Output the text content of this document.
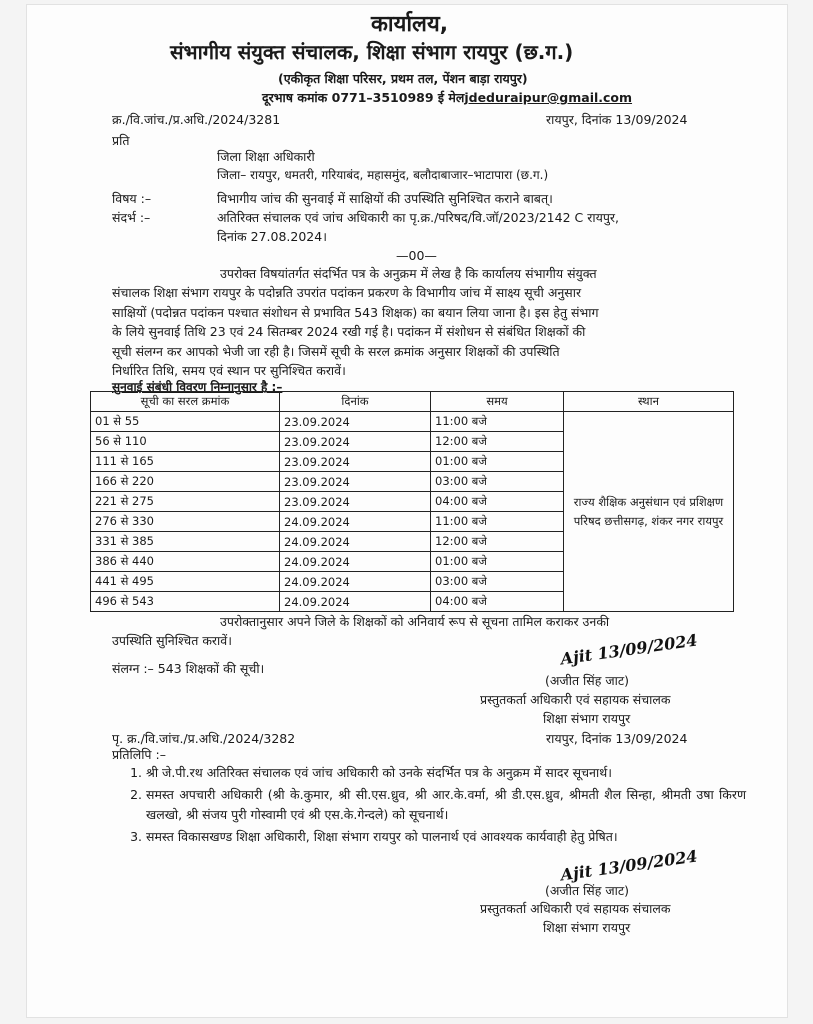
कार्यालय,
संभागीय संयुक्त संचालक, शिक्षा संभाग रायपुर (छ.ग.)
(एकीकृत शिक्षा परिसर, प्रथम तल, पेंशन बाड़ा रायपुर)
दूरभाष कमांक 0771–3510989 ई मेलjdeduraipur@gmail.com
क्र./वि.जांच./प्र.अधि./2024/3281	रायपुर, दिनांक 13/09/2024
प्रति
जिला शिक्षा अधिकारी
जिला– रायपुर, धमतरी, गरियाबंद, महासमुंद, बलौदाबाजार–भाटापारा (छ.ग.)
विषय :–	विभागीय जांच की सुनवाई में साक्षियों की उपस्थिति सुनिश्चित कराने बाबत्।
संदर्भ :–	अतिरिक्त संचालक एवं जांच अधिकारी का पृ.क्र./परिषद/वि.जॉ/2023/2142 C रायपुर,
दिनांक 27.08.2024।
—00—
उपरोक्त विषयांतर्गत संदर्भित पत्र के अनुक्रम में लेख है कि कार्यालय संभागीय संयुक्त
संचालक शिक्षा संभाग रायपुर के पदोन्नति उपरांत पदांकन प्रकरण के विभागीय जांच में साक्ष्य सूची अनुसार
साक्षियों (पदोन्नत पदांकन पश्चात संशोधन से प्रभावित 543 शिक्षक) का बयान लिया जाना है। इस हेतु संभाग
के लिये सुनवाई तिथि 23 एवं 24 सितम्बर 2024 रखी गई है। पदांकन में संशोधन से संबंधित शिक्षकों की
सूची संलग्न कर आपको भेजी जा रही है। जिसमें सूची के सरल क्रमांक अनुसार शिक्षकों की उपस्थिति
निर्धारित तिथि, समय एवं स्थान पर सुनिश्चित करावें।
सुनवाई संबंधी विवरण निम्नानुसार है :–
सूची का सरल क्रमांक	दिनांक	समय	स्थान
01 से 55	23.09.2024	11:00 बजे	राज्य शैक्षिक अनुसंधान एवं प्रशिक्षण परिषद छत्तीसगढ़, शंकर नगर रायपुर
56 से 110	23.09.2024	12:00 बजे	
111 से 165	23.09.2024	01:00 बजे	
166 से 220	23.09.2024	03:00 बजे	
221 से 275	23.09.2024	04:00 बजे	
276 से 330	24.09.2024	11:00 बजे	
331 से 385	24.09.2024	12:00 बजे	
386 से 440	24.09.2024	01:00 बजे	
441 से 495	24.09.2024	03:00 बजे	
496 से 543	24.09.2024	04:00 बजे	
उपरोक्तानुसार अपने जिले के शिक्षकों को अनिवार्य रूप से सूचना तामिल कराकर उनकी
उपस्थिति सुनिश्चित करावें।
संलग्न :– 543 शिक्षकों की सूची।	Ajit 13/09/2024
(अजीत सिंह जाट)
प्रस्तुतकर्ता अधिकारी एवं सहायक संचालक
शिक्षा संभाग रायपुर
पृ. क्र./वि.जांच./प्र.अधि./2024/3282	रायपुर, दिनांक 13/09/2024
प्रतिलिपि :–
1. श्री जे.पी.रथ अतिरिक्त संचालक एवं जांच अधिकारी को उनके संदर्भित पत्र के अनुक्रम में सादर सूचनार्थ।
2. समस्त अपचारी अधिकारी (श्री के.कुमार, श्री सी.एस.ध्रुव, श्री आर.के.वर्मा, श्री डी.एस.ध्रुव, श्रीमती शैल सिन्हा, श्रीमती उषा किरण खलखो, श्री संजय पुरी गोस्वामी एवं श्री एस.के.गेन्दले) को सूचनार्थ।
3. समस्त विकासखण्ड शिक्षा अधिकारी, शिक्षा संभाग रायपुर को पालनार्थ एवं आवश्यक कार्यवाही हेतु प्रेषित।
Ajit 13/09/2024
(अजीत सिंह जाट)
प्रस्तुतकर्ता अधिकारी एवं सहायक संचालक
शिक्षा संभाग रायपुर
